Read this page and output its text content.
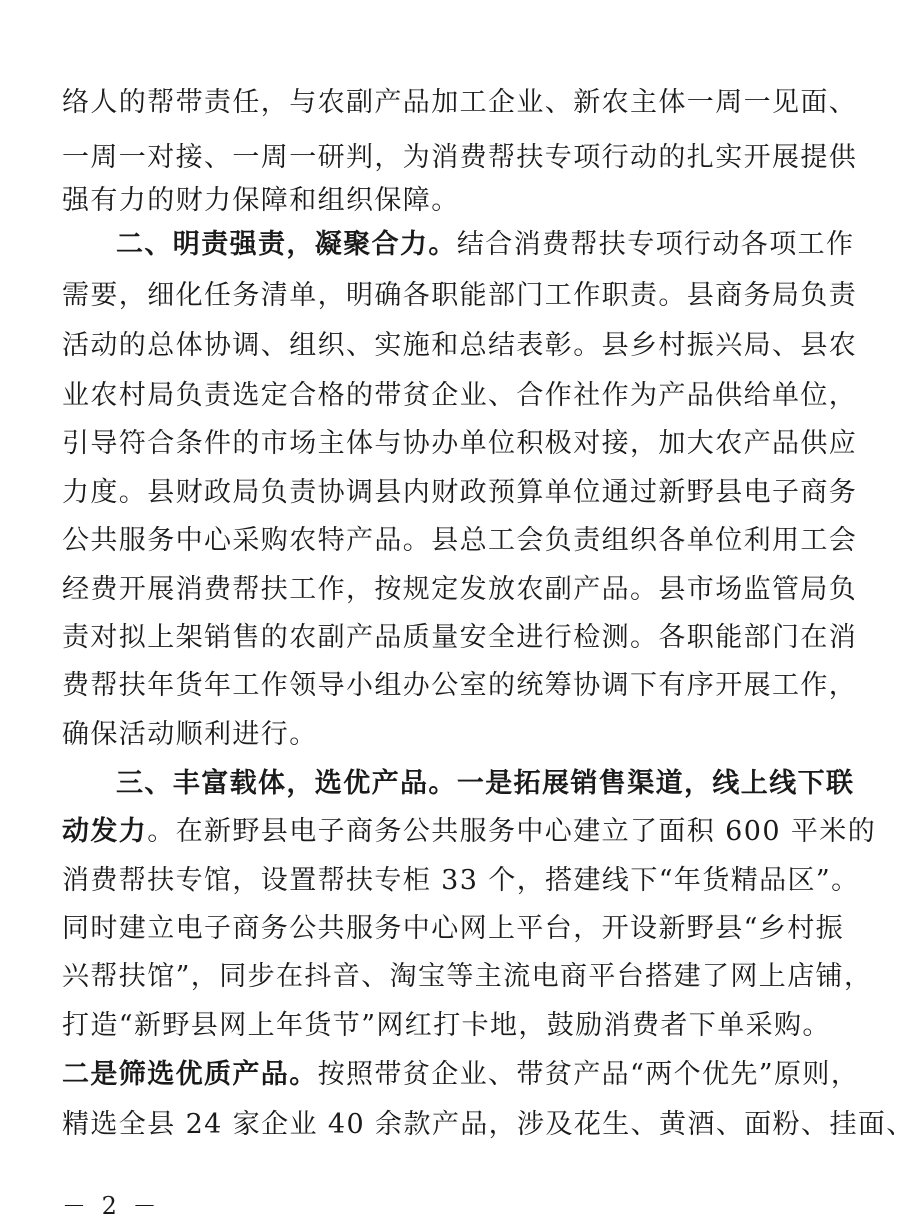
络人的帮带责任，与农副产品加工企业、新农主体一周一见面、
一周一对接、一周一研判，为消费帮扶专项行动的扎实开展提供
强有力的财力保障和组织保障。
二、明责强责，凝聚合力。结合消费帮扶专项行动各项工作
需要，细化任务清单，明确各职能部门工作职责。县商务局负责
活动的总体协调、组织、实施和总结表彰。县乡村振兴局、县农
业农村局负责选定合格的带贫企业、合作社作为产品供给单位，
引导符合条件的市场主体与协办单位积极对接，加大农产品供应
力度。县财政局负责协调县内财政预算单位通过新野县电子商务
公共服务中心采购农特产品。县总工会负责组织各单位利用工会
经费开展消费帮扶工作，按规定发放农副产品。县市场监管局负
责对拟上架销售的农副产品质量安全进行检测。各职能部门在消
费帮扶年货年工作领导小组办公室的统筹协调下有序开展工作，
确保活动顺利进行。
三、丰富载体，选优产品。一是拓展销售渠道，线上线下联
动发力。在新野县电子商务公共服务中心建立了面积 600 平米的
消费帮扶专馆，设置帮扶专柜 33 个，搭建线下“年货精品区”。
同时建立电子商务公共服务中心网上平台，开设新野县“乡村振
兴帮扶馆”，同步在抖音、淘宝等主流电商平台搭建了网上店铺，
打造“新野县网上年货节”网红打卡地，鼓励消费者下单采购。
二是筛选优质产品。按照带贫企业、带贫产品“两个优先”原则，
精选全县 24 家企业 40 余款产品，涉及花生、黄酒、面粉、挂面、
－ 2 －
